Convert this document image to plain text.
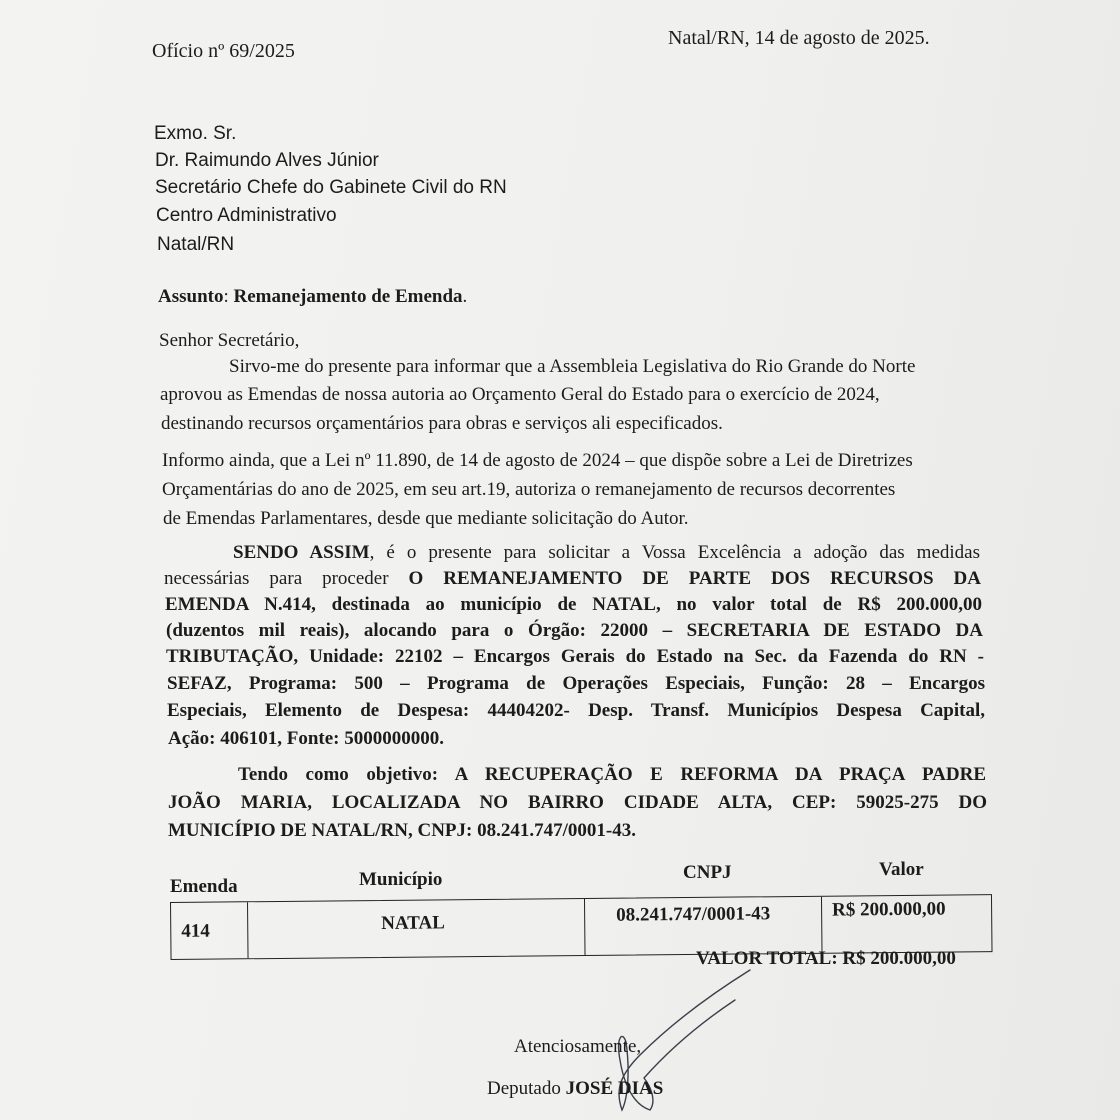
Ofício nº 69/2025
Natal/RN, 14 de agosto de 2025.
Exmo. Sr.
Dr. Raimundo Alves Júnior
Secretário Chefe do Gabinete Civil do RN
Centro Administrativo
Natal/RN
Assunto: Remanejamento de Emenda.
Senhor Secretário,
Sirvo-me do presente para informar que a Assembleia Legislativa do Rio Grande do Norte
aprovou as Emendas de nossa autoria ao Orçamento Geral do Estado para o exercício de 2024,
destinando recursos orçamentários para obras e serviços ali especificados.
Informo ainda, que a Lei nº 11.890, de 14 de agosto de 2024 – que dispõe sobre a Lei de Diretrizes
Orçamentárias do ano de 2025, em seu art.19, autoriza o remanejamento de recursos decorrentes
de Emendas Parlamentares, desde que mediante solicitação do Autor.
SENDO ASSIM, é o presente para solicitar a Vossa Excelência a adoção das medidas
necessárias para proceder O REMANEJAMENTO DE PARTE DOS RECURSOS DA
EMENDA N.414, destinada ao município de NATAL, no valor total de R$ 200.000,00
(duzentos mil reais), alocando para o Órgão: 22000 – SECRETARIA DE ESTADO DA
TRIBUTAÇÃO, Unidade: 22102 – Encargos Gerais do Estado na Sec. da Fazenda do RN -
SEFAZ, Programa: 500 – Programa de Operações Especiais, Função: 28 – Encargos
Especiais, Elemento de Despesa: 44404202- Desp. Transf. Municípios Despesa Capital,
Ação: 406101, Fonte: 5000000000.
Tendo como objetivo: A RECUPERAÇÃO E REFORMA DA PRAÇA PADRE
JOÃO MARIA, LOCALIZADA NO BAIRRO CIDADE ALTA, CEP: 59025-275 DO
MUNICÍPIO DE NATAL/RN, CNPJ: 08.241.747/0001-43.
Emenda	Município	CNPJ	Valor
414	NATAL	08.241.747/0001-43	R$ 200.000,00
VALOR TOTAL: R$ 200.000,00
Atenciosamente,
Deputado JOSÉ DIAS
